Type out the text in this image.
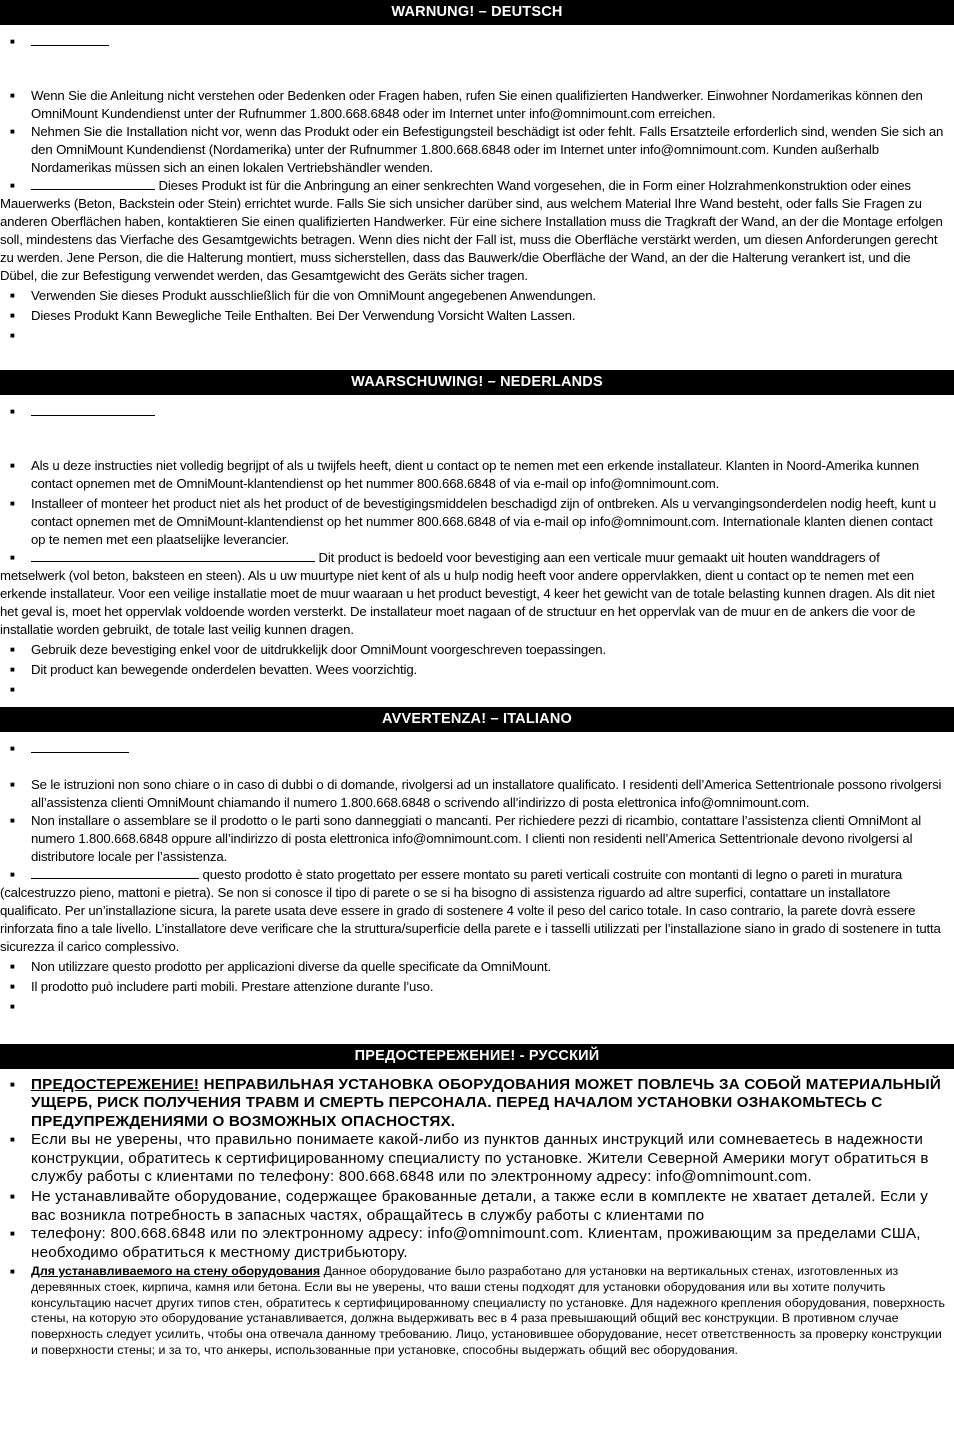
WARNUNG! – DEUTSCH
■
■ Wenn Sie die Anleitung nicht verstehen oder Bedenken oder Fragen haben, rufen Sie einen qualifizierten Handwerker. Einwohner Nordamerikas können den OmniMount Kundendienst unter der Rufnummer 1.800.668.6848 oder im Internet unter info@omnimount.com erreichen.
■ Nehmen Sie die Installation nicht vor, wenn das Produkt oder ein Befestigungsteil beschädigt ist oder fehlt. Falls Ersatzteile erforderlich sind, wenden Sie sich an den OmniMount Kundendienst (Nordamerika) unter der Rufnummer 1.800.668.6848 oder im Internet unter info@omnimount.com. Kunden außerhalb Nordamerikas müssen sich an einen lokalen Vertriebshändler wenden.
■	Dieses Produkt ist für die Anbringung an einer senkrechten Wand vorgesehen, die in Form einer Holzrahmenkonstruktion oder eines Mauerwerks (Beton, Backstein oder Stein) errichtet wurde. Falls Sie sich unsicher darüber sind, aus welchem Material Ihre Wand besteht, oder falls Sie Fragen zu anderen Oberflächen haben, kontaktieren Sie einen qualifizierten Handwerker. Für eine sichere Installation muss die Tragkraft der Wand, an der die Montage erfolgen soll, mindestens das Vierfache des Gesamtgewichts betragen. Wenn dies nicht der Fall ist, muss die Oberfläche verstärkt werden, um diesen Anforderungen gerecht zu werden. Jene Person, die die Halterung montiert, muss sicherstellen, dass das Bauwerk/die Oberfläche der Wand, an der die Halterung verankert ist, und die Dübel, die zur Befestigung verwendet werden, das Gesamtgewicht des Geräts sicher tragen.
■ Verwenden Sie dieses Produkt ausschließlich für die von OmniMount angegebenen Anwendungen.
■ Dieses Produkt Kann Bewegliche Teile Enthalten. Bei Der Verwendung Vorsicht Walten Lassen.
■
WAARSCHUWING! – NEDERLANDS
■
■ Als u deze instructies niet volledig begrijpt of als u twijfels heeft, dient u contact op te nemen met een erkende installateur. Klanten in Noord-Amerika kunnen contact opnemen met de OmniMount-klantendienst op het nummer 800.668.6848 of via e-mail op info@omnimount.com.
■ Installeer of monteer het product niet als het product of de bevestigingsmiddelen beschadigd zijn of ontbreken. Als u vervangingsonderdelen nodig heeft, kunt u contact opnemen met de OmniMount-klantendienst op het nummer 800.668.6848 of via e-mail op info@omnimount.com. Internationale klanten dienen contact op te nemen met een plaatselijke leverancier.
■	Dit product is bedoeld voor bevestiging aan een verticale muur gemaakt uit houten wanddragers of metselwerk (vol beton, baksteen en steen). Als u uw muurtype niet kent of als u hulp nodig heeft voor andere oppervlakken, dient u contact op te nemen met een erkende installateur. Voor een veilige installatie moet de muur waaraan u het product bevestigt, 4 keer het gewicht van de totale belasting kunnen dragen. Als dit niet het geval is, moet het oppervlak voldoende worden versterkt. De installateur moet nagaan of de structuur en het oppervlak van de muur en de ankers die voor de installatie worden gebruikt, de totale last veilig kunnen dragen.
■ Gebruik deze bevestiging enkel voor de uitdrukkelijk door OmniMount voorgeschreven toepassingen.
■ Dit product kan bewegende onderdelen bevatten. Wees voorzichtig.
■
AVVERTENZA! – ITALIANO
■
■ Se le istruzioni non sono chiare o in caso di dubbi o di domande, rivolgersi ad un installatore qualificato. I residenti dell’America Settentrionale possono rivolgersi all’assistenza clienti OmniMount chiamando il numero 1.800.668.6848 o scrivendo all’indirizzo di posta elettronica info@omnimount.com.
■ Non installare o assemblare se il prodotto o le parti sono danneggiati o mancanti. Per richiedere pezzi di ricambio, contattare l’assistenza clienti OmniMont al numero 1.800.668.6848 oppure all’indirizzo di posta elettronica info@omnimount.com. I clienti non residenti nell’America Settentrionale devono rivolgersi al distributore locale per l’assistenza.
■	questo prodotto è stato progettato per essere montato su pareti verticali costruite con montanti di legno o pareti in muratura (calcestruzzo pieno, mattoni e pietra). Se non si conosce il tipo di parete o se si ha bisogno di assistenza riguardo ad altre superfici, contattare un installatore qualificato. Per un’installazione sicura, la parete usata deve essere in grado di sostenere 4 volte il peso del carico totale. In caso contrario, la parete dovrà essere rinforzata fino a tale livello. L’installatore deve verificare che la struttura/superficie della parete e i tasselli utilizzati per l’installazione siano in grado di sostenere in tutta sicurezza il carico complessivo.
■ Non utilizzare questo prodotto per applicazioni diverse da quelle specificate da OmniMount.
■ Il prodotto può includere parti mobili. Prestare attenzione durante l’uso.
■
ПРЕДОСТЕРЕЖЕНИЕ! - РУССКИЙ
■ ПРЕДОСТЕРЕЖЕНИЕ! НЕПРАВИЛЬНАЯ УСТАНОВКА ОБОРУДОВАНИЯ МОЖЕТ ПОВЛЕЧЬ ЗА СОБОЙ МАТЕРИАЛЬНЫЙ УЩЕРБ, РИСК ПОЛУЧЕНИЯ ТРАВМ И СМЕРТЬ ПЕРСОНАЛА. ПЕРЕД НАЧАЛОМ УСТАНОВКИ ОЗНАКОМЬТЕСЬ С ПРЕДУПРЕЖДЕНИЯМИ О ВОЗМОЖНЫХ ОПАСНОСТЯХ.
■ Если вы не уверены, что правильно понимаете какой-либо из пунктов данных инструкций или сомневаетесь в надежности конструкции, обратитесь к сертифицированному специалисту по установке. Жители Северной Америки могут обратиться в службу работы с клиентами по телефону: 800.668.6848 или по электронному адресу: info@omnimount.com.
■ Не устанавливайте оборудование, содержащее бракованные детали, а также если в комплекте не хватает деталей. Если у вас возникла потребность в запасных частях, обращайтесь в службу работы с клиентами по
■ телефону: 800.668.6848 или по электронному адресу: info@omnimount.com. Клиентам, проживающим за пределами США, необходимо обратиться к местному дистрибьютору.
■ Для устанавливаемого на стену оборудования Данное оборудование было разработано для установки на вертикальных стенах, изготовленных из деревянных стоек, кирпича, камня или бетона. Если вы не уверены, что ваши стены подходят для установки оборудования или вы хотите получить консультацию насчет других типов стен, обратитесь к сертифицированному специалисту по установке. Для надежного крепления оборудования, поверхность стены, на которую это оборудование устанавливается, должна выдерживать вес в 4 раза превышающий общий вес конструкции. В противном случае поверхность следует усилить, чтобы она отвечала данному требованию. Лицо, установившее оборудование, несет ответственность за проверку конструкции и поверхности стены; и за то, что анкеры, использованные при установке, способны выдержать общий вес оборудования.
